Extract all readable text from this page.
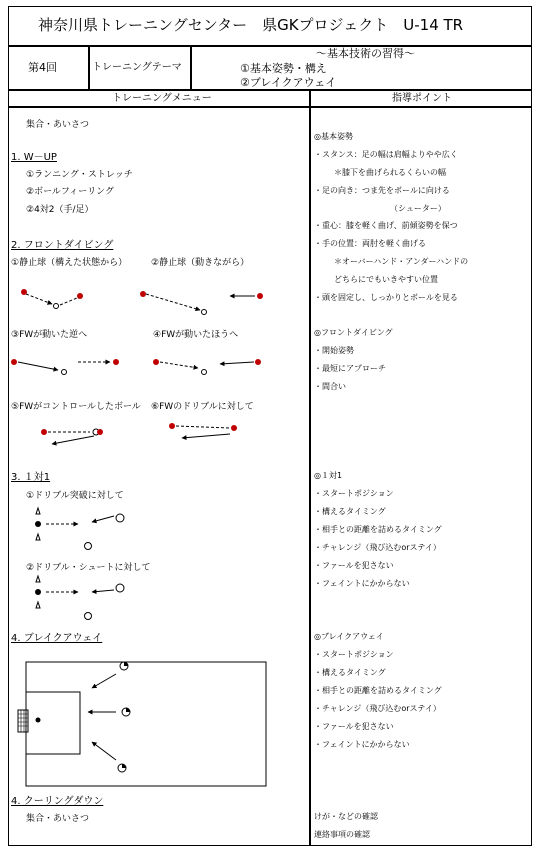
神奈川県トレーニングセンター　県GKプロジェクト　U-14 TR
第4回	トレーニングテーマ
～基本技術の習得～
①基本姿勢・構え
②ブレイクアウェイ
トレーニングメニュー	指導ポイント
集合・あいさつ
1. W－UP
①ランニング・ストレッチ
②ボールフィーリング
②4対2（手/足）
2. フロントダイビング
①静止球（構えた状態から）	②静止球（動きながら）
③FWが動いた逆へ	④FWが動いたほうへ
⑤FWがコントロールしたボール ⑥FWのドリブルに対して
3. １対1
①ドリブル突破に対して
②ドリブル・シュートに対して
4. ブレイクアウェイ
4. クーリングダウン
集合・あいさつ
◎基本姿勢
・スタンス：足の幅は肩幅よりやや広く
＊膝下を曲げられるくらいの幅
・足の向き：つま先をボールに向ける
（シューター）
・重心：膝を軽く曲げ、前傾姿勢を保つ
・手の位置：両肘を軽く曲げる
＊オーバーハンド・アンダーハンドの
どちらにでもいきやすい位置
・頭を固定し、しっかりとボールを見る
◎フロントダイビング
・開始姿勢
・最短にアプローチ
・間合い
◎１対1
・スタートポジション
・構えるタイミング
・相手との距離を詰めるタイミング
・チャレンジ（飛び込むorステイ）
・ファールを犯さない
・フェイントにかからない
◎ブレイクアウェイ
・スタートポジション
・構えるタイミング
・相手との距離を詰めるタイミング
・チャレンジ（飛び込むorステイ）
・ファールを犯さない
・フェイントにかからない
けが・などの確認
連絡事項の確認
